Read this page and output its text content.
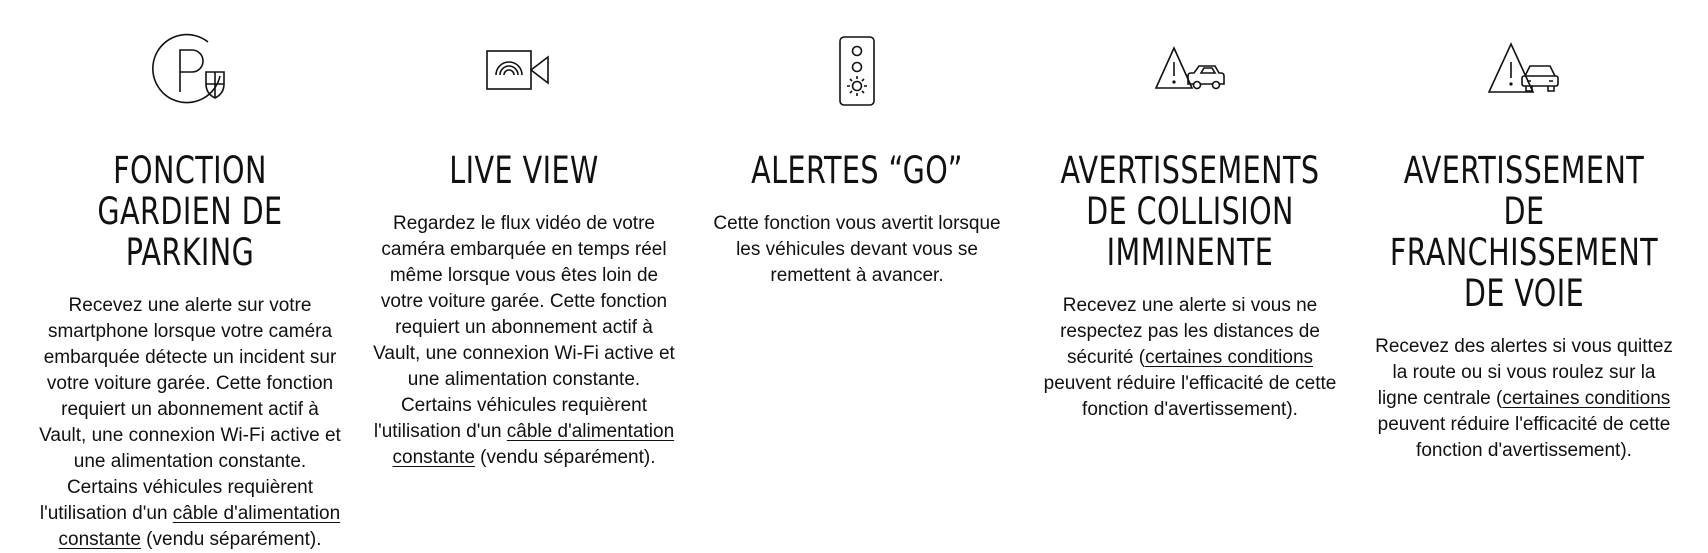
FONCTION GARDIEN DE PARKING

Recevez une alerte sur votre smartphone lorsque votre caméra embarquée détecte un incident sur votre voiture garée. Cette fonction requiert un abonnement actif à Vault, une connexion Wi-Fi active et une alimentation constante. Certains véhicules requièrent l'utilisation d'un câble d'alimentation constante (vendu séparément).

LIVE VIEW

Regardez le flux vidéo de votre caméra embarquée en temps réel même lorsque vous êtes loin de votre voiture garée. Cette fonction requiert un abonnement actif à Vault, une connexion Wi-Fi active et une alimentation constante. Certains véhicules requièrent l'utilisation d'un câble d'alimentation constante (vendu séparément).

ALERTES “GO”

Cette fonction vous avertit lorsque les véhicules devant vous se remettent à avancer.

AVERTISSEMENTS DE COLLISION IMMINENTE

Recevez une alerte si vous ne respectez pas les distances de sécurité (certaines conditions peuvent réduire l'efficacité de cette fonction d'avertissement).

AVERTISSEMENT DE FRANCHISSEMENT DE VOIE

Recevez des alertes si vous quittez la route ou si vous roulez sur la ligne centrale (certaines conditions peuvent réduire l'efficacité de cette fonction d'avertissement).
